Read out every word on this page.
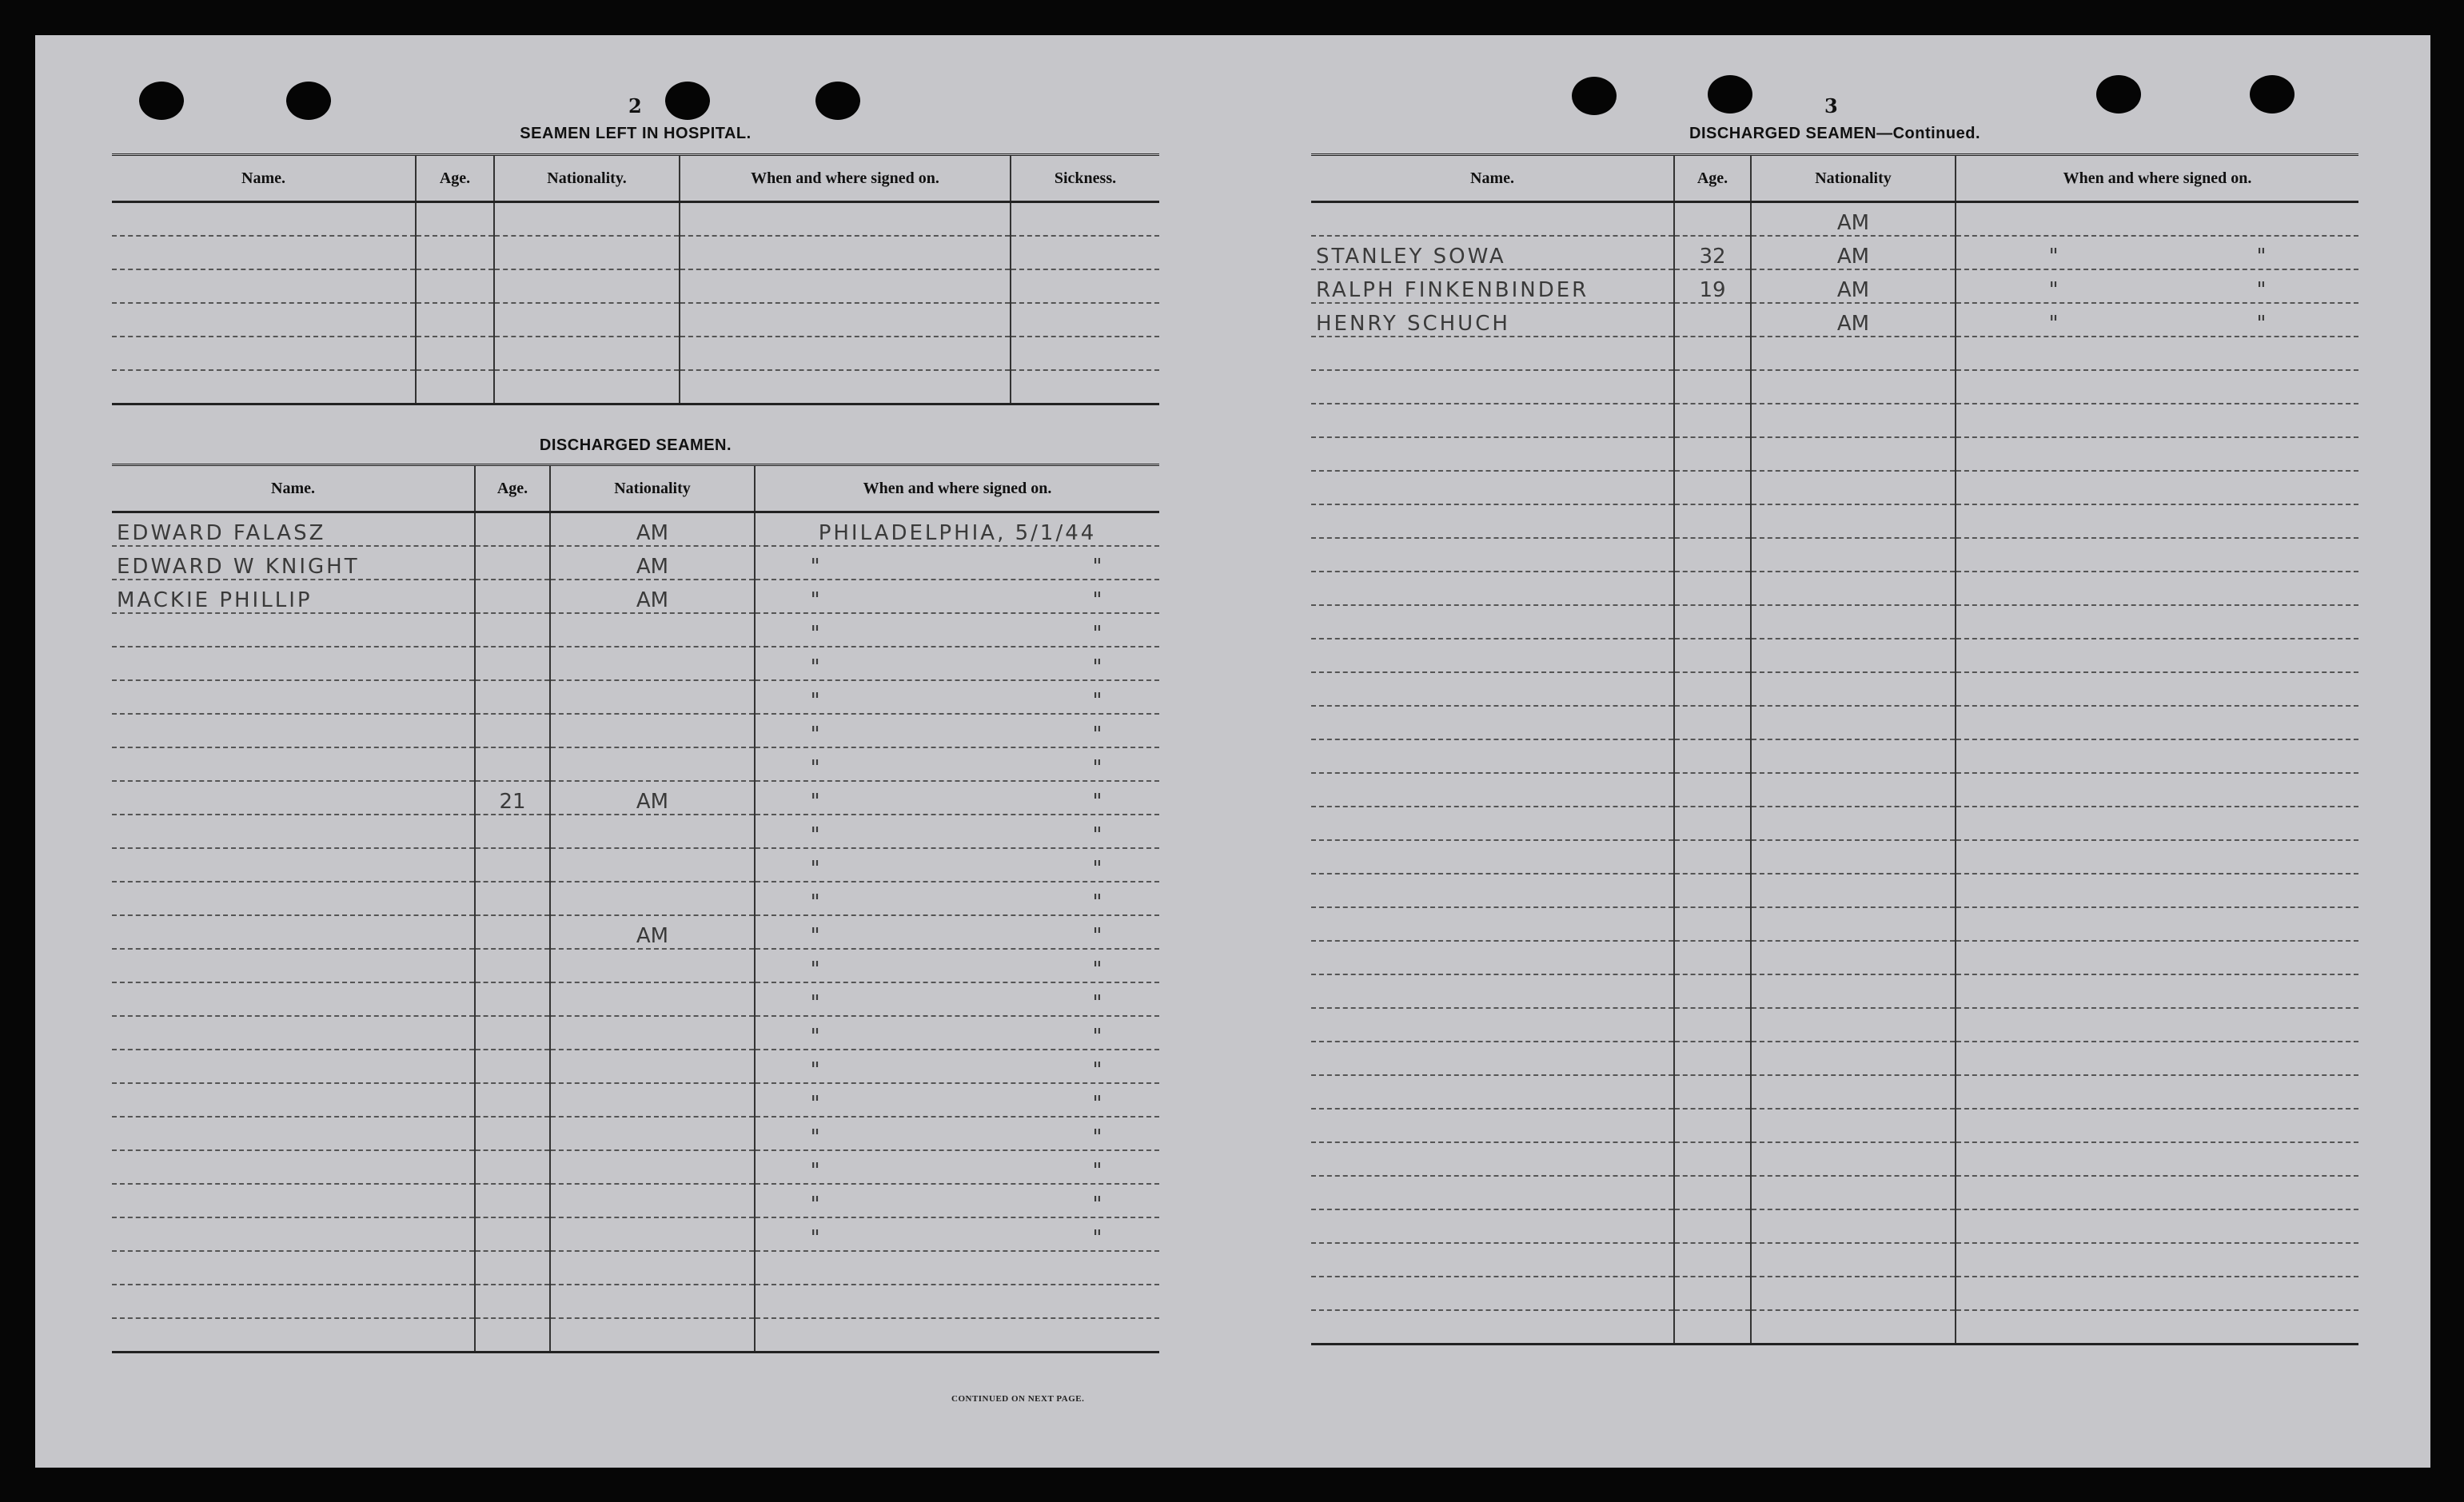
2
SEAMEN LEFT IN HOSPITAL.
Name.	Age.	Nationality.	When and where signed on.	Sickness.

DISCHARGED SEAMEN.
Name.	Age.	Nationality	When and where signed on.
EDWARD FALASZ		AM	PHILADELPHIA, 5/1/44
EDWARD W KNIGHT		AM	"                              "
MACKIE PHILLIP		AM	"                              "
			"                              "
			"                              "
			"                              "
			"                              "
			"                              "
	21	AM	"                              "
			"                              "
			"                              "
			"                              "
		AM	"                              "
			"                              "
			"                              "
			"                              "
			"                              "
			"                              "
			"                              "
			"                              "
			"                              "
			"                              "

CONTINUED ON NEXT PAGE.
3
DISCHARGED SEAMEN—Continued.
Name.	Age.	Nationality	When and where signed on.
		AM	
STANLEY SOWA	32	AM	"                              "
RALPH FINKENBINDER	19	AM	"                              "
HENRY SCHUCH		AM	"                              "
